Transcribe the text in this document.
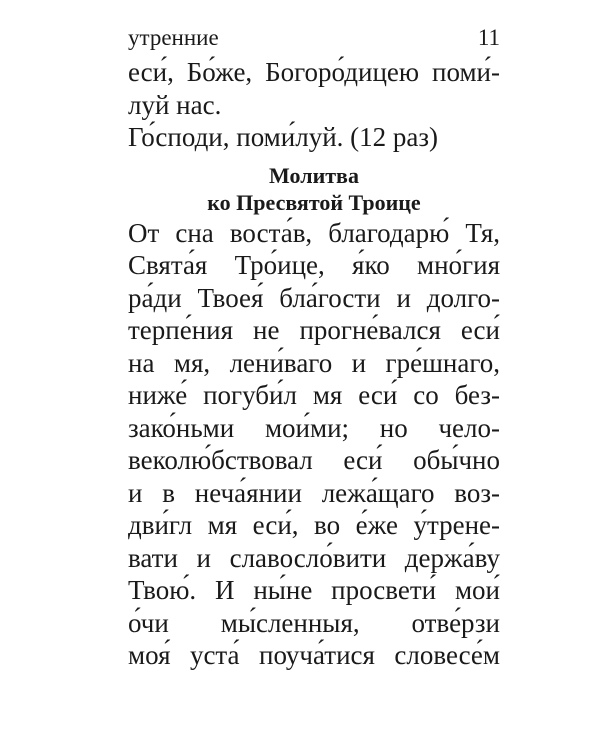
утренние	11
еси́, Бо́же, Богоро́дицею поми́-
луй нас.
Го́споди, поми́луй. (12 раз)
Молитва
ко Пресвятой Троице
От сна воста́в, благодарю́ Тя,
Свята́я Тро́ице, я́ко мно́гия
ра́ди Твоея́ бла́гости и долго-
терпе́ния не прогне́вался еси́
на мя, лени́ваго и гре́шнаго,
ниже́ погуби́л мя еси́ со без-
зако́ньми мои́ми; но чело-
веколю́бствовал еси́ обы́чно
и в неча́янии лежа́щаго воз-
дви́гл мя еси́, во е́же у́трене-
вати и славосло́вити держа́ву
Твою́. И ны́не просвети́ мои́
о́чи мы́сленныя, отве́рзи
моя́ уста́ поуча́тися словесе́м
